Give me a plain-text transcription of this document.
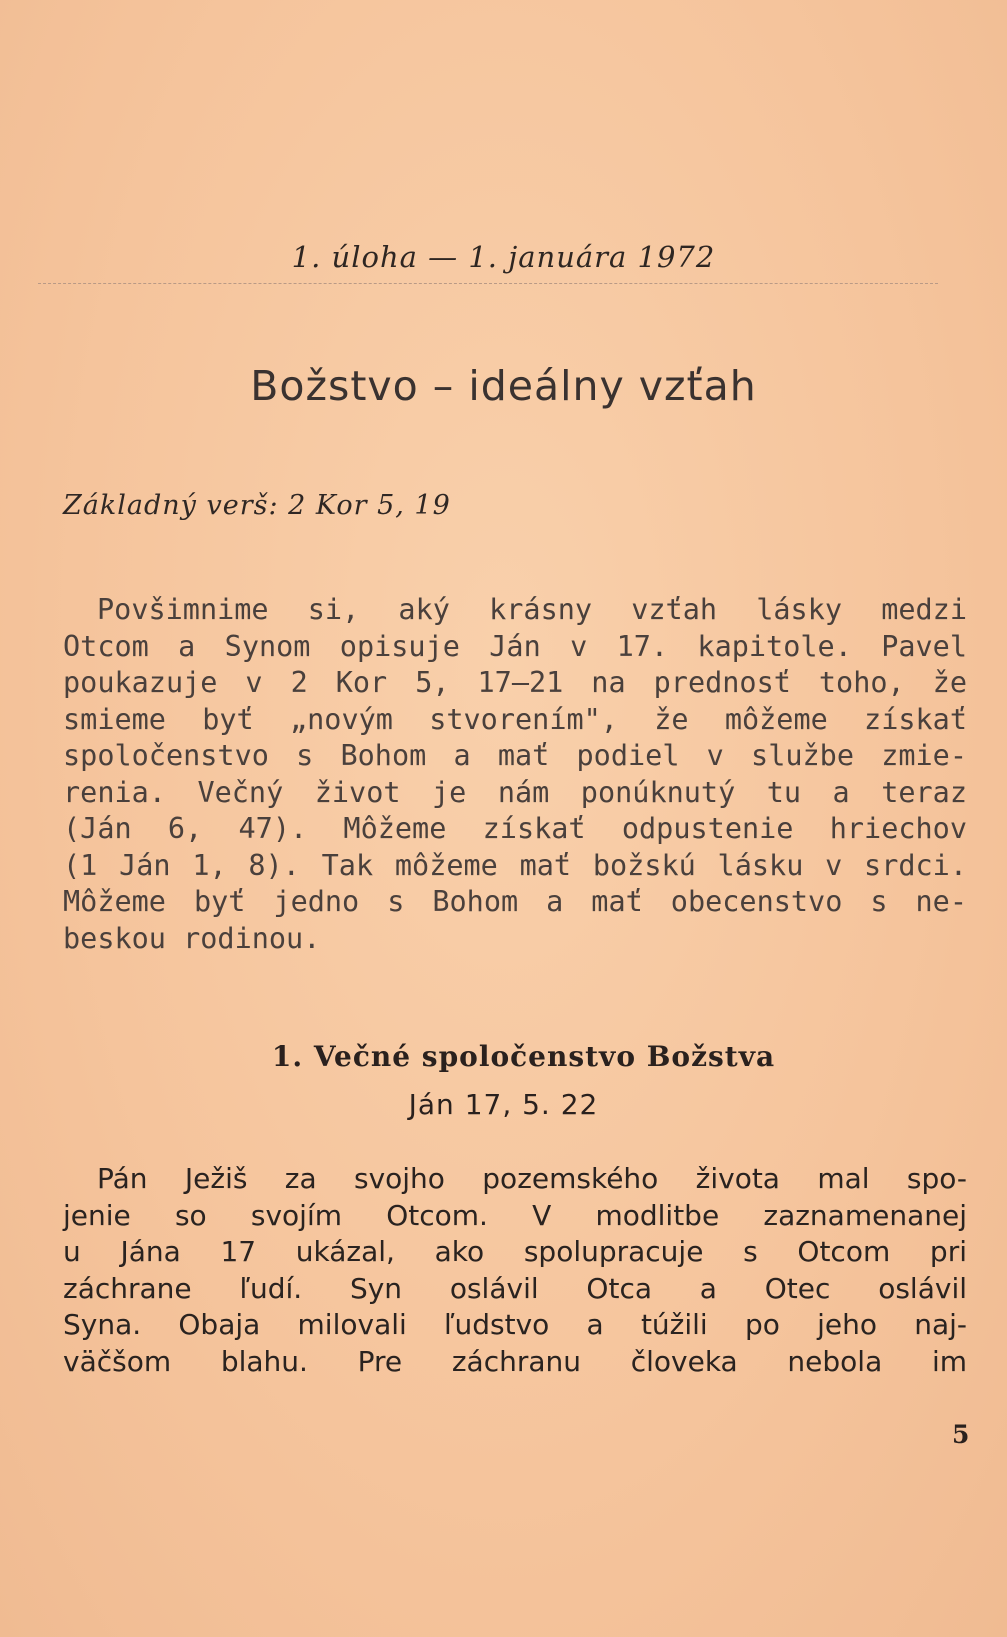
1. úloha — 1. januára 1972
Božstvo – ideálny vzťah
Základný verš: 2 Kor 5, 19
Povšimnime si, aký krásny vzťah lásky medzi
Otcom a Synom opisuje Ján v 17. kapitole. Pavel
poukazuje v 2 Kor 5, 17—21 na prednosť toho, že
smieme byť „novým stvorením", že môžeme získať
spoločenstvo s Bohom a mať podiel v službe zmie-
renia. Večný život je nám ponúknutý tu a teraz
(Ján 6, 47). Môžeme získať odpustenie hriechov
(1 Ján 1, 8). Tak môžeme mať božskú lásku v srdci.
Môžeme byť jedno s Bohom a mať obecenstvo s ne-
beskou rodinou.
1. Večné spoločenstvo Božstva
Ján 17, 5. 22
Pán Ježiš za svojho pozemského života mal spo-
jenie so svojím Otcom. V modlitbe zaznamenanej
u Jána 17 ukázal, ako spolupracuje s Otcom pri
záchrane ľudí. Syn oslávil Otca a Otec oslávil
Syna. Obaja milovali ľudstvo a túžili po jeho naj-
väčšom blahu. Pre záchranu človeka nebola im
5
